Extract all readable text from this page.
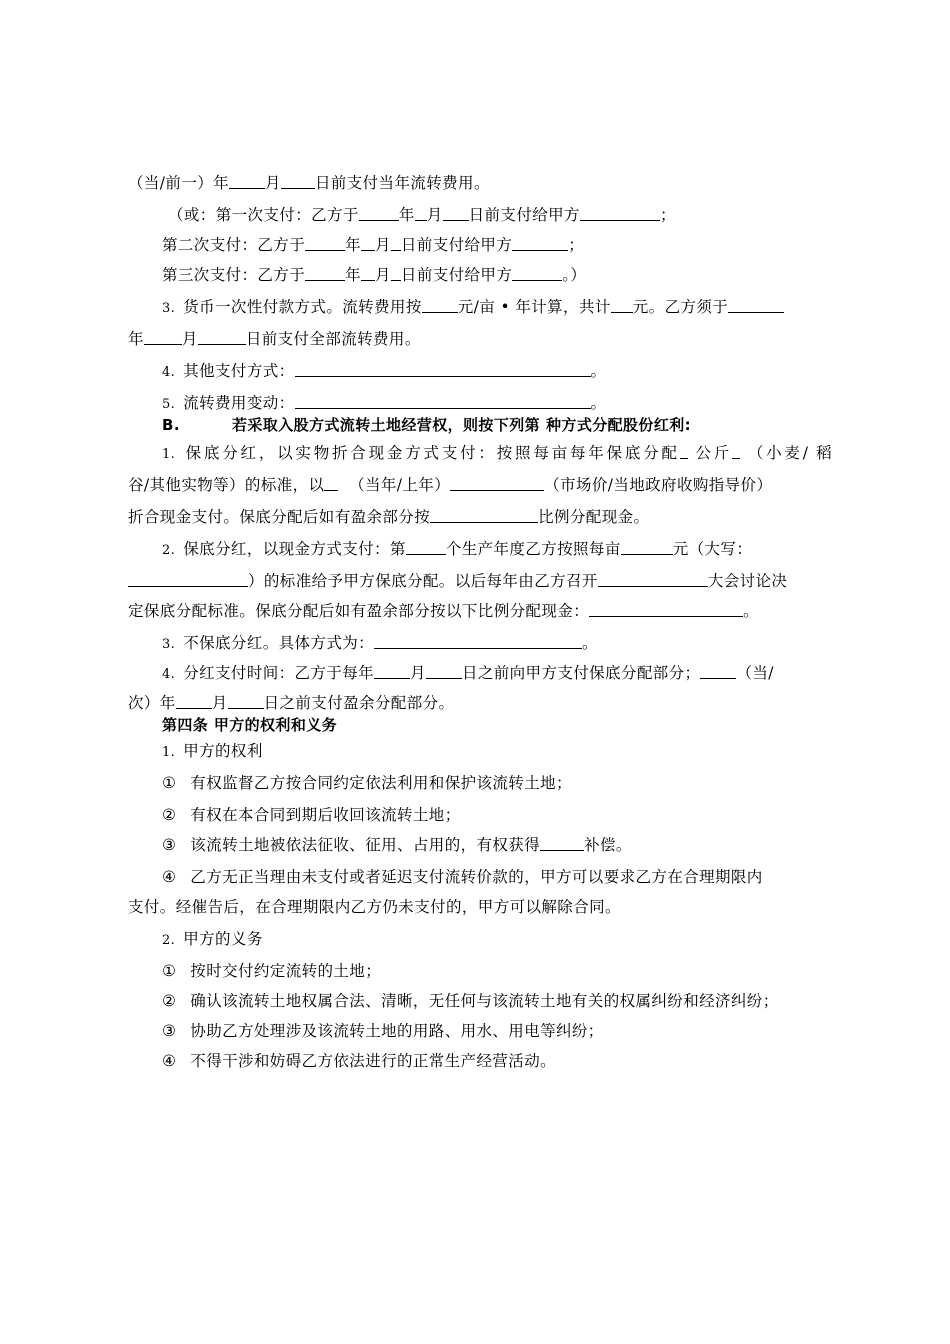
（当/前一）年 月 日前支付当年流转费用。
（或：第一次支付：乙方于	年 月 日前支付给甲方	；
第二次支付：乙方于	年 月 日前支付给甲方	；
第三次支付：乙方于	年 月 日前支付给甲方	。）
3. 货币一次性付款方式。流转费用按 元/亩 • 年计算，共计 元。乙方须于
年 月	日前支付全部流转费用。
4. 其他支付方式：	。
5. 流转费用变动：	。
B.	若采取入股方式流转土地经营权，则按下列第 种方式分配股份红利:
1. 保底分红，以实物折合现金方式支付：按照每亩每年保底分配 公斤 （小麦/ 稻
谷/其他实物等）的标准，以 （当年/上年）	（市场价/当地政府收购指导价）
折合现金支付。保底分配后如有盈余部分按	比例分配现金。
2. 保底分红，以现金方式支付：第	个生产年度乙方按照每亩	元（大写：
）的标准给予甲方保底分配。以后每年由乙方召开	大会讨论决
定保底分配标准。保底分配后如有盈余部分按以下比例分配现金：	。
3. 不保底分红。具体方式为：	。
4. 分红支付时间：乙方于每年 月 日之前向甲方支付保底分配部分； （当/
次）年 月 日之前支付盈余分配部分。
第四条 甲方的权利和义务
1. 甲方的权利
① 有权监督乙方按合同约定依法利用和保护该流转土地；
② 有权在本合同到期后收回该流转土地；
③ 该流转土地被依法征收、征用、占用的，有权获得	补偿。
④ 乙方无正当理由未支付或者延迟支付流转价款的，甲方可以要求乙方在合理期限内
支付。经催告后，在合理期限内乙方仍未支付的，甲方可以解除合同。
2. 甲方的义务
① 按时交付约定流转的土地；
② 确认该流转土地权属合法、清晰，无任何与该流转土地有关的权属纠纷和经济纠纷；
③ 协助乙方处理涉及该流转土地的用路、用水、用电等纠纷；
④ 不得干涉和妨碍乙方依法进行的正常生产经营活动。
